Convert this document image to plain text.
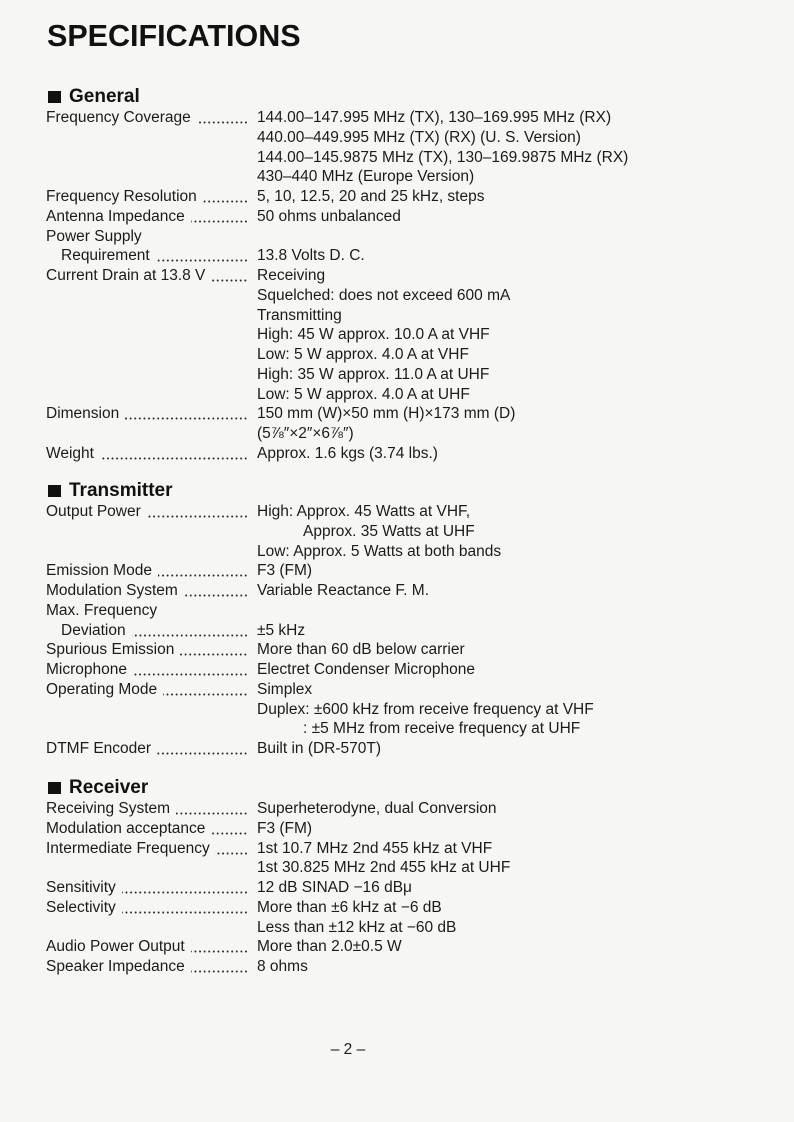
SPECIFICATIONS
General
Frequency Coverage	144.00–147.995 MHz (TX), 130–169.995 MHz (RX)
440.00–449.995 MHz (TX) (RX) (U. S. Version)
144.00–145.9875 MHz (TX), 130–169.9875 MHz (RX)
430–440 MHz (Europe Version)
Frequency Resolution	5, 10, 12.5, 20 and 25 kHz, steps
Antenna Impedance	50 ohms unbalanced
Power Supply
Requirement	13.8 Volts D. C.
Current Drain at 13.8 V	Receiving
Squelched: does not exceed 600 mA
Transmitting
High: 45 W approx. 10.0 A at VHF
Low: 5 W approx. 4.0 A at VHF
High: 35 W approx. 11.0 A at UHF
Low: 5 W approx. 4.0 A at UHF
Dimension	150 mm (W)×50 mm (H)×173 mm (D)
(5⅞″×2″×6⅞″)
Weight	Approx. 1.6 kgs (3.74 lbs.)
Transmitter
Output Power	High: Approx. 45 Watts at VHF,
Approx. 35 Watts at UHF
Low: Approx. 5 Watts at both bands
Emission Mode	F3 (FM)
Modulation System	Variable Reactance F. M.
Max. Frequency
Deviation	±5 kHz
Spurious Emission	More than 60 dB below carrier
Microphone	Electret Condenser Microphone
Operating Mode	Simplex
Duplex: ±600 kHz from receive frequency at VHF
: ±5 MHz from receive frequency at UHF
DTMF Encoder	Built in (DR-570T)
Receiver
Receiving System	Superheterodyne, dual Conversion
Modulation acceptance	F3 (FM)
Intermediate Frequency	1st 10.7 MHz 2nd 455 kHz at VHF
1st 30.825 MHz 2nd 455 kHz at UHF
Sensitivity	12 dB SINAD −16 dBμ
Selectivity	More than ±6 kHz at −6 dB
Less than ±12 kHz at −60 dB
Audio Power Output	More than 2.0±0.5 W
Speaker Impedance	8 ohms
– 2 –
